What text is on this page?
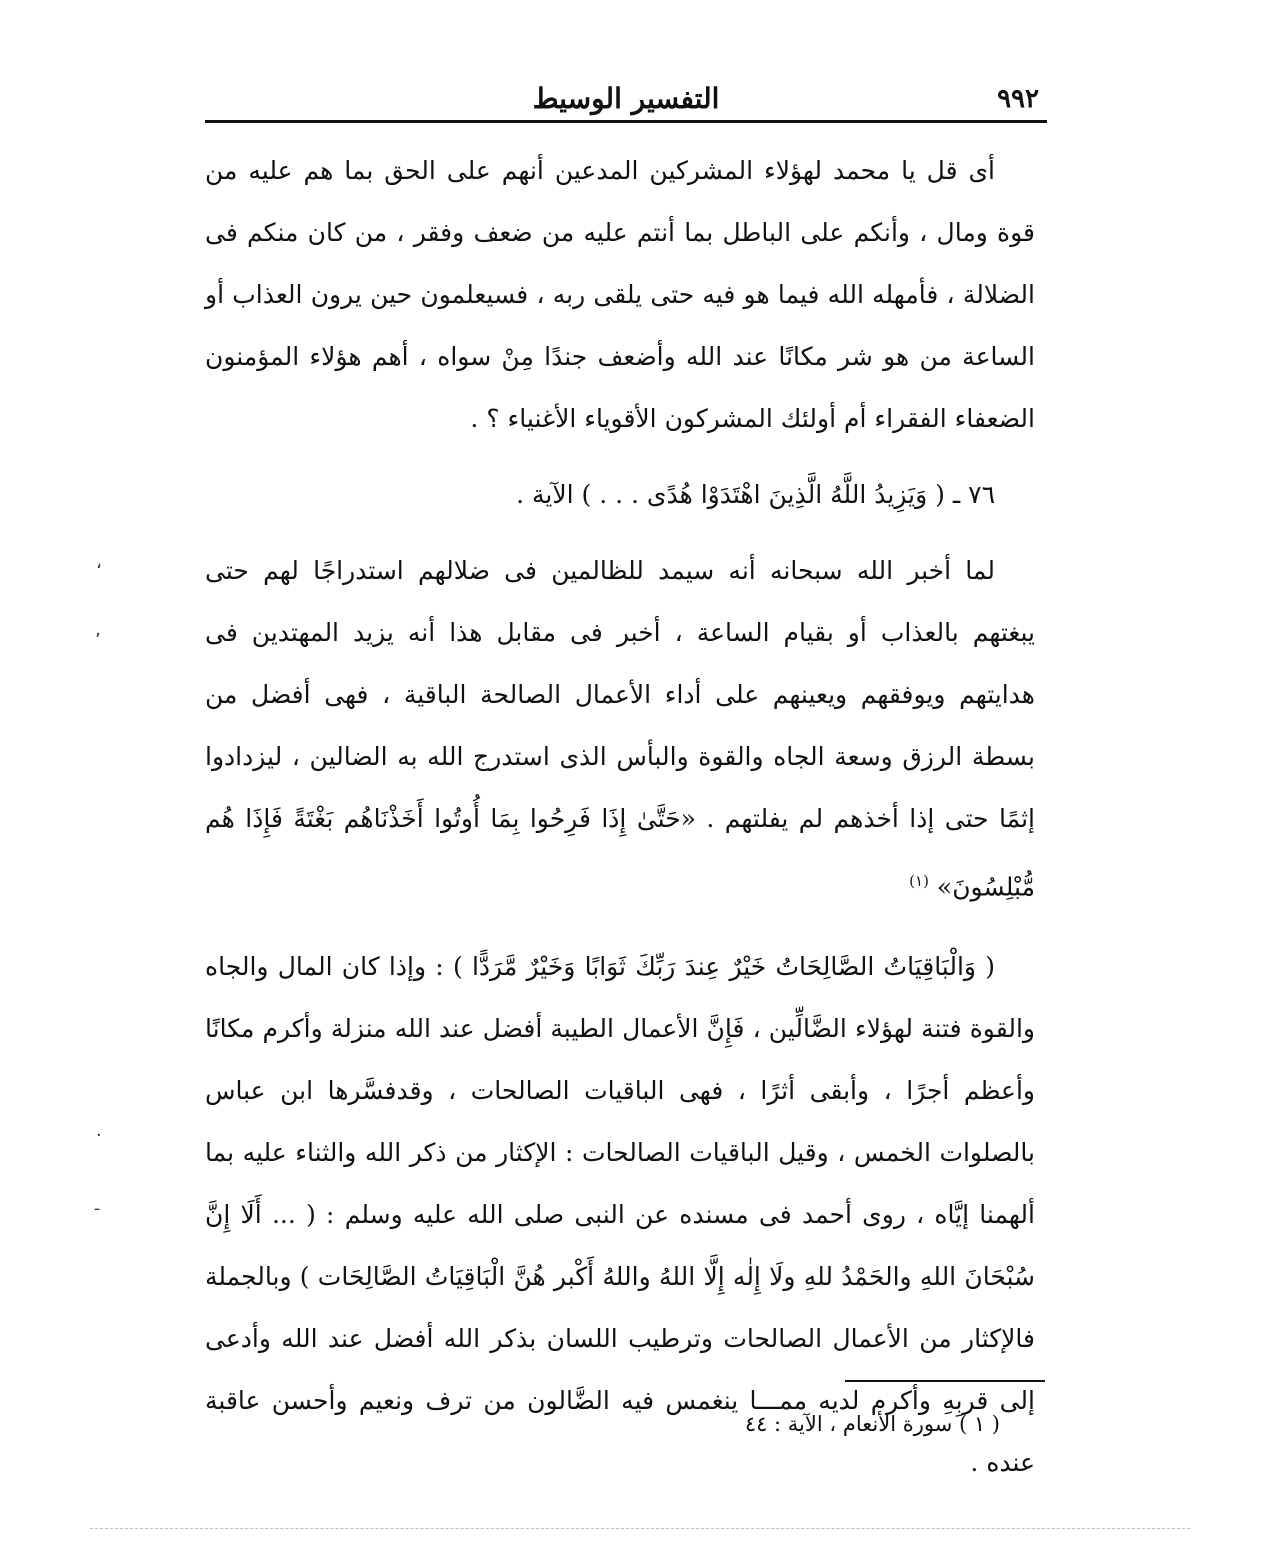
٩٩٢
التفسير الوسيط

أى قل يا محمد لهؤلاء المشركين المدعين أنهم على الحق بما هم عليه من قوة ومال ، وأنكم على الباطل بما أنتم عليه من ضعف وفقر ، من كان منكم فى الضلالة ، فأمهله الله فيما هو فيه حتى يلقى ربه ، فسيعلمون حين يرون العذاب أو الساعة من هو شر مكانًا عند الله وأضعف جندًا مِنْ سواه ، أهم هؤلاء المؤمنون الضعفاء الفقراء أم أولئك المشركون الأقوياء الأغنياء ؟ .

٧٦ ـ ( وَيَزِيدُ اللَّهُ الَّذِينَ اهْتَدَوْا هُدًى . . . ) الآية .

لما أخبر الله سبحانه أنه سيمد للظالمين فى ضلالهم استدراجًا لهم حتى يبغتهم بالعذاب أو بقيام الساعة ، أخبر فى مقابل هذا أنه يزيد المهتدين فى هدايتهم ويوفقهم ويعينهم على أداء الأعمال الصالحة الباقية ، فهى أفضل من بسطة الرزق وسعة الجاه والقوة والبأس الذى استدرج الله به الضالين ، ليزدادوا إثمًا حتى إذا أخذهم لم يفلتهم . «حَتَّىٰ إِذَا فَرِحُوا بِمَا أُوتُوا أَخَذْنَاهُم بَغْتَةً فَإِذَا هُم مُّبْلِسُونَ» $^{(١)}$

( وَالْبَاقِيَاتُ الصَّالِحَاتُ خَيْرٌ عِندَ رَبِّكَ ثَوَابًا وَخَيْرٌ مَّرَدًّا ) : وإذا كان المال والجاه والقوة فتنة لهؤلاء الضَّالِّين ، فَإِنَّ الأعمال الطيبة أفضل عند الله منزلة وأكرم مكانًا وأعظم أجرًا ، وأبقى أثرًا ، فهى الباقيات الصالحات ، وقدفسَّرها ابن عباس بالصلوات الخمس ، وقيل الباقيات الصالحات : الإكثار من ذكر الله والثناء عليه بما ألهمنا إيَّاه ، روى أحمد فى مسنده عن النبى صلى الله عليه وسلم : ( ... أَلَا إِنَّ سُبْحَانَ اللهِ والحَمْدُ للهِ ولَا إِلٰه إِلَّا اللهُ واللهُ أَكْبر هُنَّ الْبَاقِيَاتُ الصَّالِحَات ) وبالجملة فالإكثار من الأعمال الصالحات وترطيب اللسان بذكر الله أفضل عند الله وأدعى إلى قربِهِ وأكرم لديه ممـــا ينغمس فيه الضَّالون من ترف ونعيم وأحسن عاقبة عنده .

( ١ ) سورة الأنعام ، الآية : ٤٤
،
٬
·
-
